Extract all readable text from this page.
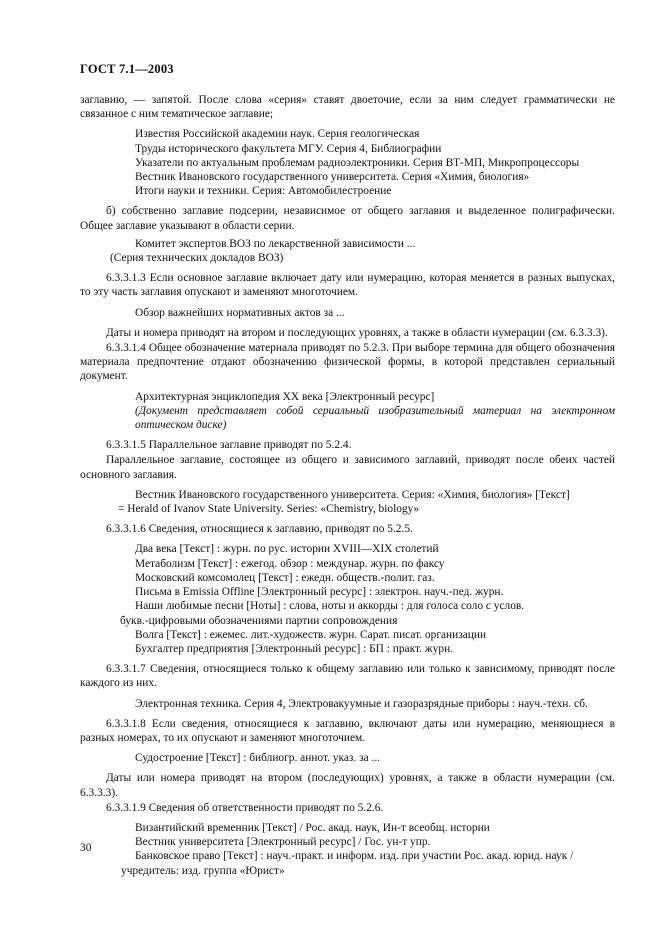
ГОСТ 7.1—2003

заглавию, — запятой. После слова «серия» ставят двоеточие, если за ним следует грамматически не связанное с ним тематическое заглавие;

Известия Российской академии наук. Серия геологическая
Труды исторического факультета МГУ. Серия 4, Библиографии
Указатели по актуальным проблемам радиоэлектроники. Серия ВТ-МП, Микропроцессоры
Вестник Ивановского государственного университета. Серия «Химия, биология»
Итоги науки и техники. Серия: Автомобилестроение

б) собственно заглавие подсерии, независимое от общего заглавия и выделенное полиграфически. Общее заглавие указывают в области серии.

Комитет экспертов ВОЗ по лекарственной зависимости ...
(Серия технических докладов ВОЗ)

6.3.3.1.3 Если основное заглавие включает дату или нумерацию, которая меняется в разных выпусках, то эту часть заглавия опускают и заменяют многоточием.

Обзор важнейших нормативных актов за ...

Даты и номера приводят на втором и последующих уровнях, а также в области нумерации (см. 6.3.3.3).

6.3.3.1.4 Общее обозначение материала приводят по 5.2.3. При выборе термина для общего обозначения материала предпочтение отдают обозначению физической формы, в которой представлен сериальный документ.

Архитектурная энциклопедия XX века [Электронный ресурс]
(Документ представляет собой сериальный изобразительный материал на электронном оптическом диске)

6.3.3.1.5 Параллельное заглавие приводят по 5.2.4.

Параллельное заглавие, состоящее из общего и зависимого заглавий, приводят после обеих частей основного заглавия.

Вестник Ивановского государственного университета. Серия: «Химия, биология» [Текст]
= Herald of Ivanov State University. Series: «Chemistry, biology»

6.3.3.1.6 Сведения, относящиеся к заглавию, приводят по 5.2.5.

Два века [Текст] : журн. по рус. истории XVIII—XIX столетий
Метаболизм [Текст] : ежегод. обзор : междунар. журн. по факсу
Московский комсомолец [Текст] : ежедн. обществ.-полит. газ.
Письма в Emissia Offline [Электронный ресурс] : электрон. науч.-пед. журн.
Наши любимые песни [Ноты] : слова, ноты и аккорды : для голоса соло с услов.
букв.-цифровыми обозначениями партии сопровождения
Волга [Текст] : ежемес. лит.-художеств. журн. Сарат. писат. организации
Бухгалтер предприятия [Электронный ресурс] : БП : практ. журн.

6.3.3.1.7 Сведения, относящиеся только к общему заглавию или только к зависимому, приводят после каждого из них.

Электронная техника. Серия 4, Электровакуумные и газоразрядные приборы : науч.-техн. сб.

6.3.3.1.8 Если сведения, относящиеся к заглавию, включают даты или нумерацию, меняющиеся в разных номерах, то их опускают и заменяют многоточием.

Судостроение [Текст] : библиогр. аннот. указ. за ...

Даты или номера приводят на втором (последующих) уровнях, а также в области нумерации (см. 6.3.3.3).

6.3.3.1.9 Сведения об ответственности приводят по 5.2.6.

Византийский временник [Текст] / Рос. акад. наук, Ин-т всеобщ. истории
Вестник университета [Электронный ресурс] / Гос. ун-т упр.
Банковское право [Текст] : науч.-практ. и информ. изд. при участии Рос. акад. юрид. наук /
учредитель: изд. группа «Юрист»
30
